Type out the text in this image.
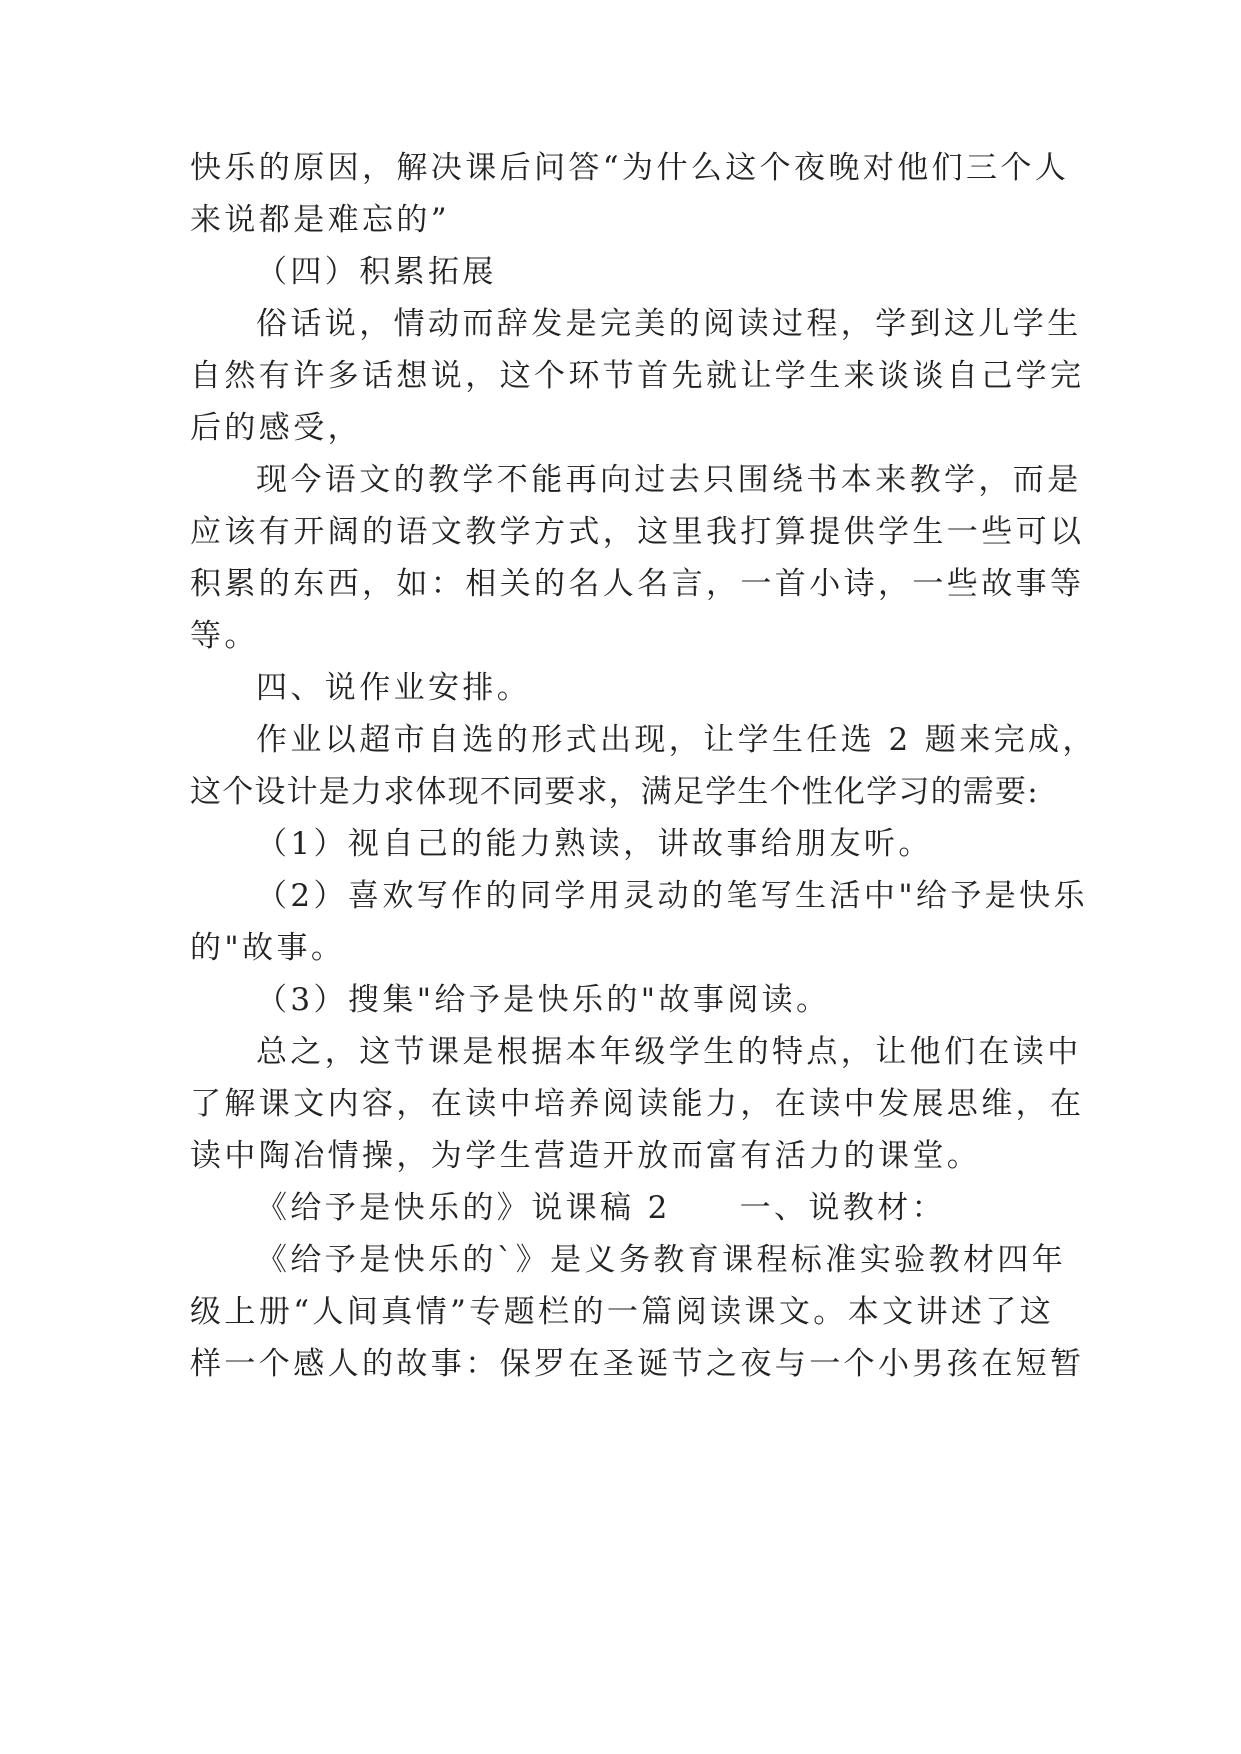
快乐的原因，解决课后问答“为什么这个夜晚对他们三个人
来说都是难忘的”
（四）积累拓展
俗话说，情动而辞发是完美的阅读过程，学到这儿学生
自然有许多话想说，这个环节首先就让学生来谈谈自己学完
后的感受，
现今语文的教学不能再向过去只围绕书本来教学，而是
应该有开阔的语文教学方式，这里我打算提供学生一些可以
积累的东西，如：相关的名人名言，一首小诗，一些故事等
等。
四、说作业安排。
作业以超市自选的形式出现，让学生任选 2 题来完成，
这个设计是力求体现不同要求，满足学生个性化学习的需要:
（1）视自己的能力熟读，讲故事给朋友听。
（2）喜欢写作的同学用灵动的笔写生活中"给予是快乐
的"故事。
（3）搜集"给予是快乐的"故事阅读。
总之，这节课是根据本年级学生的特点，让他们在读中
了解课文内容，在读中培养阅读能力，在读中发展思维，在
读中陶冶情操，为学生营造开放而富有活力的课堂。
《给予是快乐的》说课稿 2　　一、说教材：
《给予是快乐的`》是义务教育课程标准实验教材四年
级上册“人间真情”专题栏的一篇阅读课文。本文讲述了这
样一个感人的故事：保罗在圣诞节之夜与一个小男孩在短暂
